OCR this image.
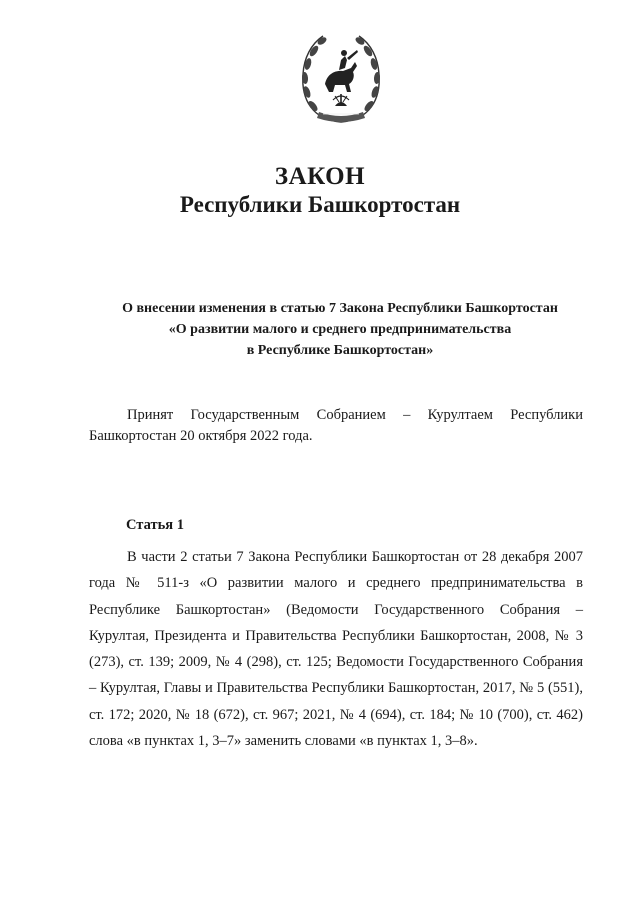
ЗАКОН
Республики Башкортостан
О внесении изменения в статью 7 Закона Республики Башкортостан
«О развитии малого и среднего предпринимательства
в Республике Башкортостан»

Принят Государственным Собранием – Курултаем Республики Башкортостан 20 октября 2022 года.

Статья 1

В части 2 статьи 7 Закона Республики Башкортостан от 28 декабря 2007 года № 511-з «О развитии малого и среднего предпринимательства в Республике Башкортостан» (Ведомости Государственного Собрания – Курултая, Президента и Правительства Республики Башкортостан, 2008, № 3 (273), ст. 139; 2009, № 4 (298), ст. 125; Ведомости Государственного Собрания – Курултая, Главы и Правительства Республики Башкортостан, 2017, № 5 (551), ст. 172; 2020, № 18 (672), ст. 967; 2021, № 4 (694), ст. 184; № 10 (700), ст. 462) слова «в пунктах 1, 3–7» заменить словами «в пунктах 1, 3–8».
